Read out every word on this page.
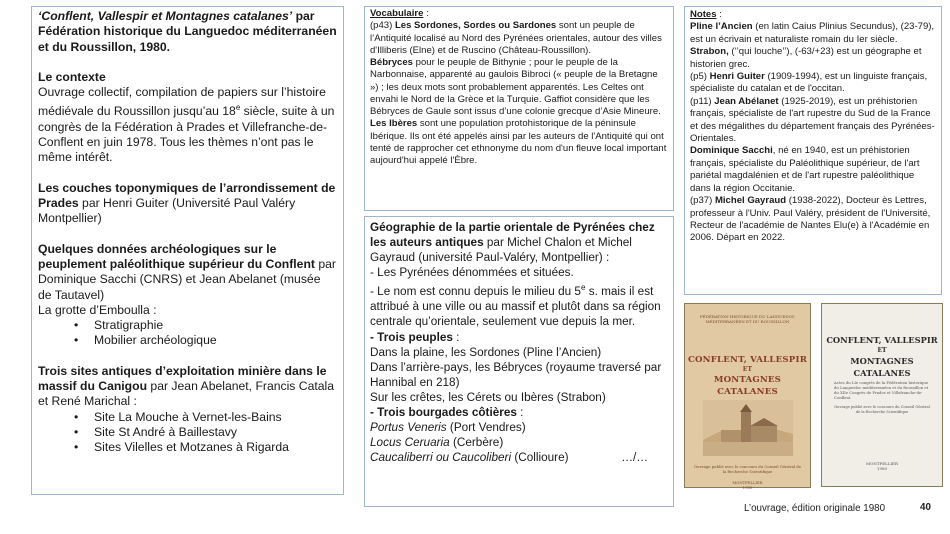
‘Conflent, Vallespir et Montagnes catalanes’ par Fédération historique du Languedoc méditerranéen et du Roussillon, 1980.

Le contexte

Ouvrage collectif, compilation de papiers sur l’histoire médiévale du Roussillon jusqu’au 18e siècle, suite à un congrès de la Fédération à Prades et Villefranche-de-Conflent en juin 1978. Tous les thèmes n’ont pas le même intérêt.

Les couches toponymiques de l’arrondissement de Prades par Henri Guiter (Université Paul Valéry Montpellier)

Quelques données archéologiques sur le peuplement paléolithique supérieur du Conflent par Dominique Sacchi (CNRS) et Jean Abelanet (musée de Tautavel)

La grotte d’Emboulla :

• Stratigraphie
• Mobilier archéologique

Trois sites antiques d’exploitation minière dans le massif du Canigou par Jean Abelanet, Francis Catala et René Marichal :

• Site La Mouche à Vernet-les-Bains
• Site St André à Baillestavy
• Sites Vilelles et Motzanes à Rigarda

Vocabulaire :

(p43) Les Sordones, Sordes ou Sardones sont un peuple de l’Antiquité localisé au Nord des Pyrénées orientales, autour des villes d'Illiberis (Elne) et de Ruscino (Château-Roussillon).

Bébryces pour le peuple de Bithynie ; pour le peuple de la Narbonnaise, apparenté au gaulois Bibroci (« peuple de la Bretagne ») ; les deux mots sont probablement apparentés. Les Celtes ont envahi le Nord de la Grèce et la Turquie. Gaffiot considère que les Bébryces de Gaule sont issus d’une colonie grecque d’Asie Mineure.

Les Ibères sont une population protohistorique de la péninsule Ibérique. Ils ont été appelés ainsi par les auteurs de l'Antiquité qui ont tenté de rapprocher cet ethnonyme du nom d'un fleuve local important aujourd'hui appelé l'Èbre.

Géographie de la partie orientale de Pyrénées chez les auteurs antiques par Michel Chalon et Michel Gayraud (université Paul-Valéry, Montpellier) :

- Les Pyrénées dénommées et situées.

- Le nom est connu depuis le milieu du 5e s. mais il est attribué à une ville ou au massif et plutôt dans sa région centrale qu’orientale, seulement vue depuis la mer.

- Trois peuples :

Dans la plaine, les Sordones (Pline l’Ancien)

Dans l’arrière-pays, les Bébryces (royaume traversé par Hannibal en 218)

Sur les crêtes, les Cérets ou Ibères (Strabon)

- Trois bourgades côtières :

Portus Veneris (Port Vendres)

Locus Ceruaria (Cerbère)

Caucaliberri ou Caucoliberi (Collioure)	…/…

Notes :

Pline l’Ancien (en latin Caius Plinius Secundus), (23-79), est un écrivain et naturaliste romain du Ier siècle.

Strabon, (‘’qui louche’’), (-63/+23) est un géographe et historien grec.

(p5) Henri Guiter (1909-1994), est un linguiste français, spécialiste du catalan et de l'occitan.

(p11) Jean Abélanet (1925-2019), est un préhistorien français, spécialiste de l'art rupestre du Sud de la France et des mégalithes du département français des Pyrénées-Orientales.

Dominique Sacchi, né en 1940, est un préhistorien français, spécialiste du Paléolithique supérieur, de l'art pariétal magdalénien et de l'art rupestre paléolithique dans la région Occitanie.

(p37) Michel Gayraud (1938-2022), Docteur ès Lettres, professeur à l'Univ. Paul Valéry, président de l'Université, Recteur de l'académie de Nantes Elu(e) à l'Académie en 2006. Départ en 2022.

FÉDÉRATION HISTORIQUE DU LANGUEDOC MÉDITERRANÉEN ET DU ROUSSILLON
CONFLENT, VALLESPIR
ET
MONTAGNES CATALANES
Ouvrage publié avec le concours du Conseil Général de la Recherche Scientifique
MONTPELLIER
1980
CONFLENT, VALLESPIR
ET
MONTAGNES CATALANES
Actes du LIe congrès de la Fédération historique du Languedoc méditerranéen et du Roussillon et du XIIe Congrès de Prades et Villefranche-de-Conflent
Ouvrage publié avec le concours du Conseil Général de la Recherche Scientifique
MONTPELLIER
1980
L’ouvrage, édition originale 1980	40
